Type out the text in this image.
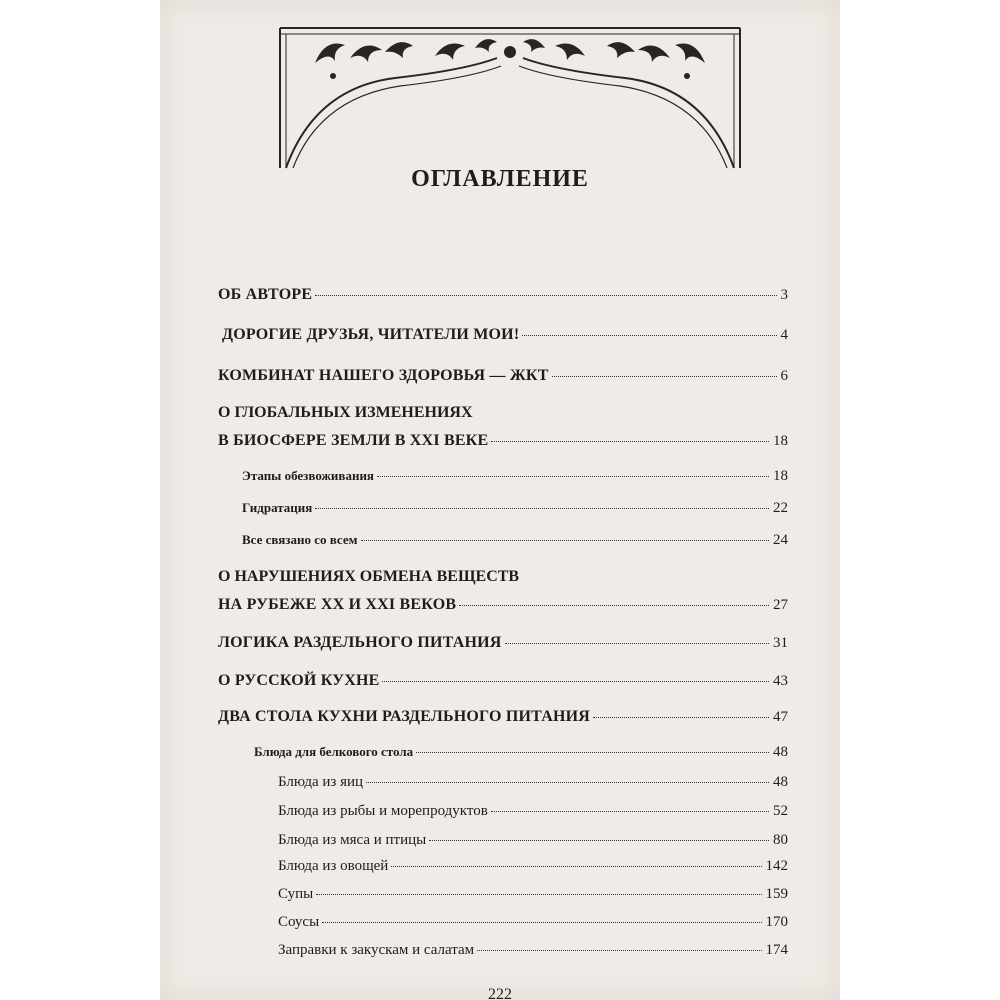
ОГЛАВЛЕНИЕ
ОБ АВТОРЕ	3
ДОРОГИЕ ДРУЗЬЯ, ЧИТАТЕЛИ МОИ!	4
КОМБИНАТ НАШЕГО ЗДОРОВЬЯ — ЖКТ	6
О ГЛОБАЛЬНЫХ ИЗМЕНЕНИЯХ
В БИОСФЕРЕ ЗЕМЛИ В XXI ВЕКЕ	18
Этапы обезвоживания	18
Гидратация	22
Все связано со всем	24
О НАРУШЕНИЯХ ОБМЕНА ВЕЩЕСТВ
НА РУБЕЖЕ XX И XXI ВЕКОВ	27
ЛОГИКА РАЗДЕЛЬНОГО ПИТАНИЯ	31
О РУССКОЙ КУХНЕ	43
ДВА СТОЛА КУХНИ РАЗДЕЛЬНОГО ПИТАНИЯ	47
Блюда для белкового стола	48
Блюда из яиц	48
Блюда из рыбы и морепродуктов	52
Блюда из мяса и птицы	80
Блюда из овощей	142
Супы	159
Соусы	170
Заправки к закускам и салатам	174
222
